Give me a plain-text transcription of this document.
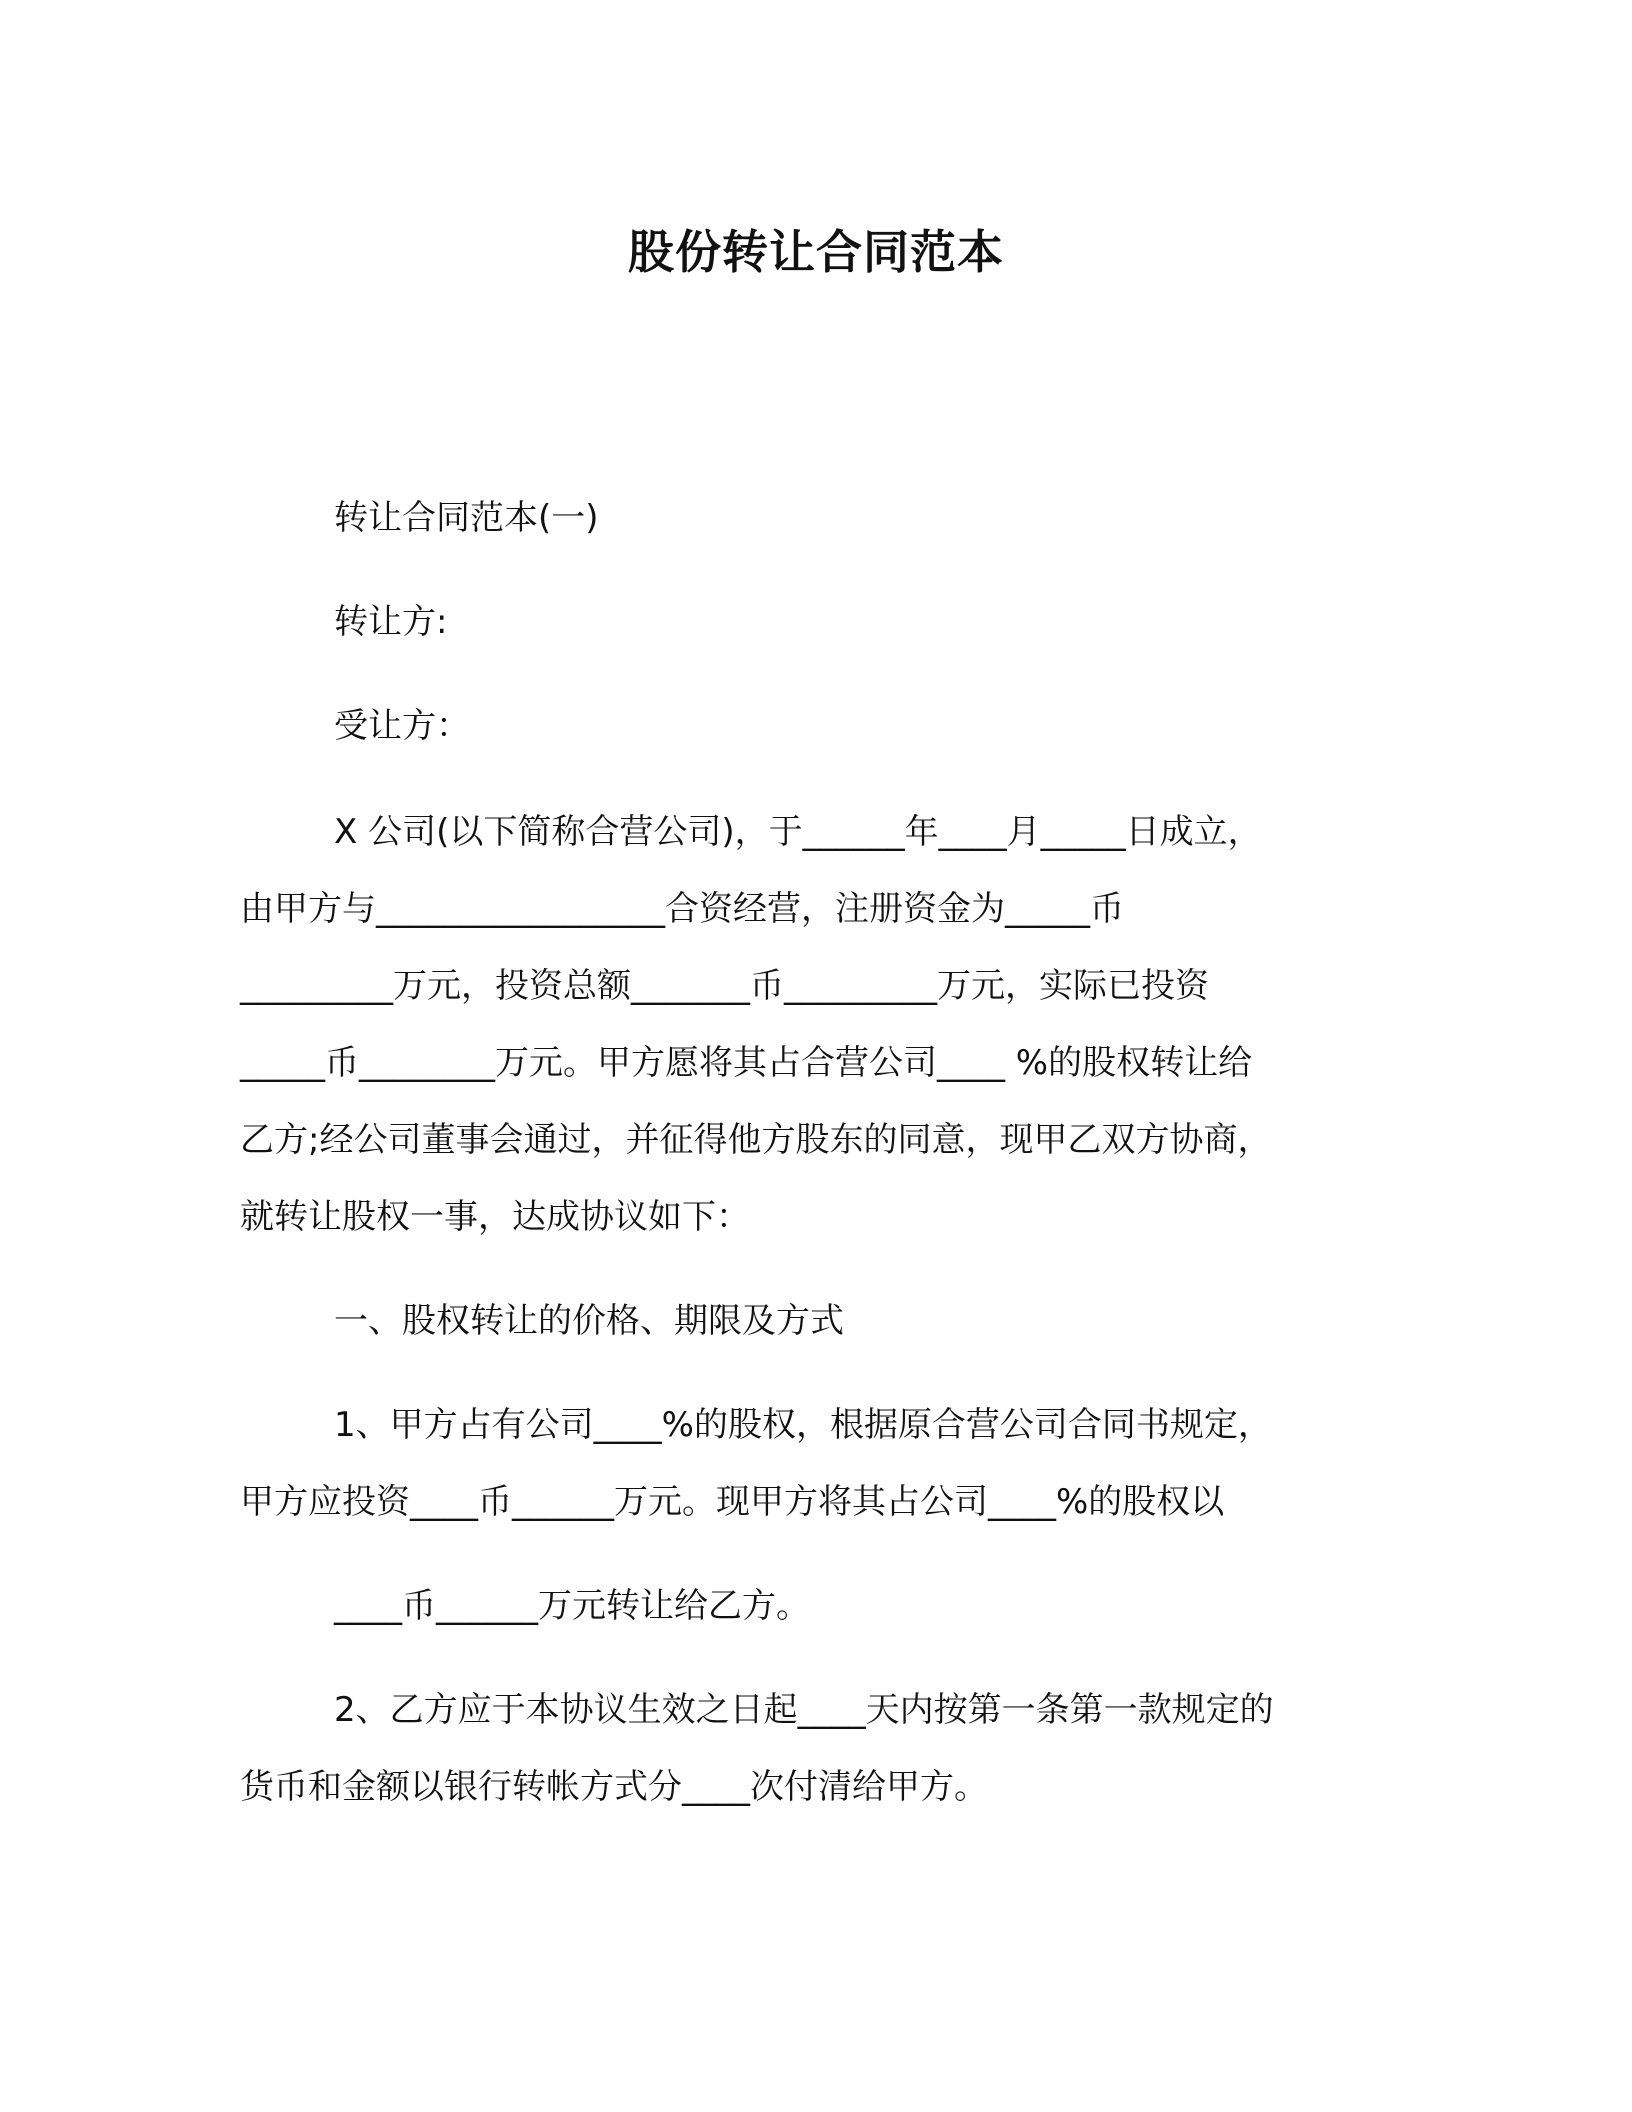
股份转让合同范本

转让合同范本(一)

转让方:

受让方：

X 公司(以下简称合营公司)，于______年____月_____日成立，
由甲方与_________________合资经营，注册资金为_____币
_________万元，投资总额_______币_________万元，实际已投资
_____币________万元。甲方愿将其占合营公司____ %的股权转让给
乙方;经公司董事会通过，并征得他方股东的同意，现甲乙双方协商，
就转让股权一事，达成协议如下：

一、股权转让的价格、期限及方式

1、甲方占有公司____%的股权，根据原合营公司合同书规定，
甲方应投资____币______万元。现甲方将其占公司____%的股权以

____币______万元转让给乙方。

2、乙方应于本协议生效之日起____天内按第一条第一款规定的
货币和金额以银行转帐方式分____次付清给甲方。
